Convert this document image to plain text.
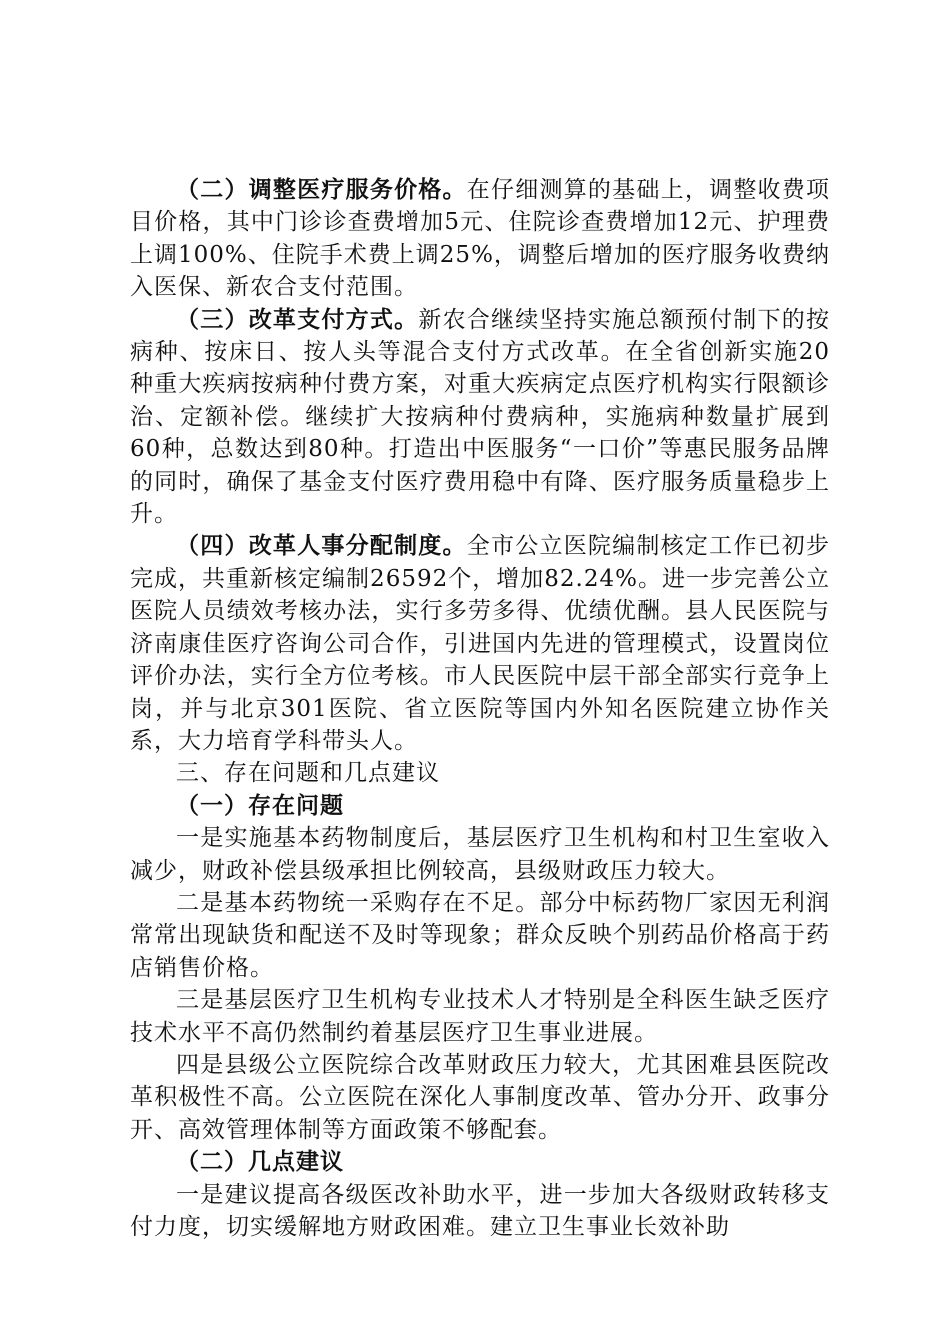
（二）调整医疗服务价格。在仔细测算的基础上，调整收费项目价格，其中门诊诊查费增加5元、住院诊查费增加12元、护理费上调100%、住院手术费上调25%，调整后增加的医疗服务收费纳入医保、新农合支付范围。

（三）改革支付方式。新农合继续坚持实施总额预付制下的按病种、按床日、按人头等混合支付方式改革。在全省创新实施20种重大疾病按病种付费方案，对重大疾病定点医疗机构实行限额诊治、定额补偿。继续扩大按病种付费病种，实施病种数量扩展到60种，总数达到80种。打造出中医服务“一口价”等惠民服务品牌的同时，确保了基金支付医疗费用稳中有降、医疗服务质量稳步上升。

（四）改革人事分配制度。全市公立医院编制核定工作已初步完成，共重新核定编制26592个，增加82.24%。进一步完善公立医院人员绩效考核办法，实行多劳多得、优绩优酬。县人民医院与济南康佳医疗咨询公司合作，引进国内先进的管理模式，设置岗位评价办法，实行全方位考核。市人民医院中层干部全部实行竞争上岗，并与北京301医院、省立医院等国内外知名医院建立协作关系，大力培育学科带头人。

三、存在问题和几点建议

（一）存在问题

一是实施基本药物制度后，基层医疗卫生机构和村卫生室收入减少，财政补偿县级承担比例较高，县级财政压力较大。

二是基本药物统一采购存在不足。部分中标药物厂家因无利润常常出现缺货和配送不及时等现象；群众反映个别药品价格高于药店销售价格。

三是基层医疗卫生机构专业技术人才特别是全科医生缺乏医疗技术水平不高仍然制约着基层医疗卫生事业进展。

四是县级公立医院综合改革财政压力较大，尤其困难县医院改革积极性不高。公立医院在深化人事制度改革、管办分开、政事分开、高效管理体制等方面政策不够配套。

（二）几点建议

一是建议提高各级医改补助水平，进一步加大各级财政转移支付力度，切实缓解地方财政困难。建立卫生事业长效补助
